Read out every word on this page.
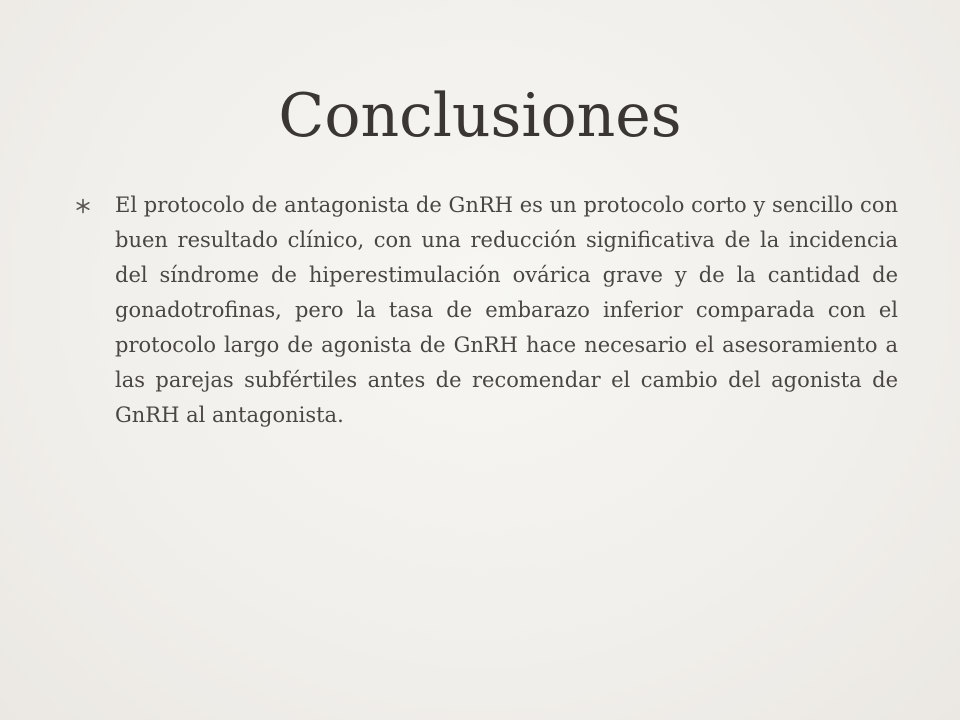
Conclusiones

El protocolo de antagonista de GnRH es un protocolo corto y sencillo con buen resultado clínico, con una reducción significativa de la incidencia del síndrome de hiperestimulación ovárica grave y de la cantidad de gonadotrofinas, pero la tasa de embarazo inferior comparada con el protocolo largo de agonista de GnRH hace necesario el asesoramiento a las parejas subfértiles antes de recomendar el cambio del agonista de GnRH al antagonista.
